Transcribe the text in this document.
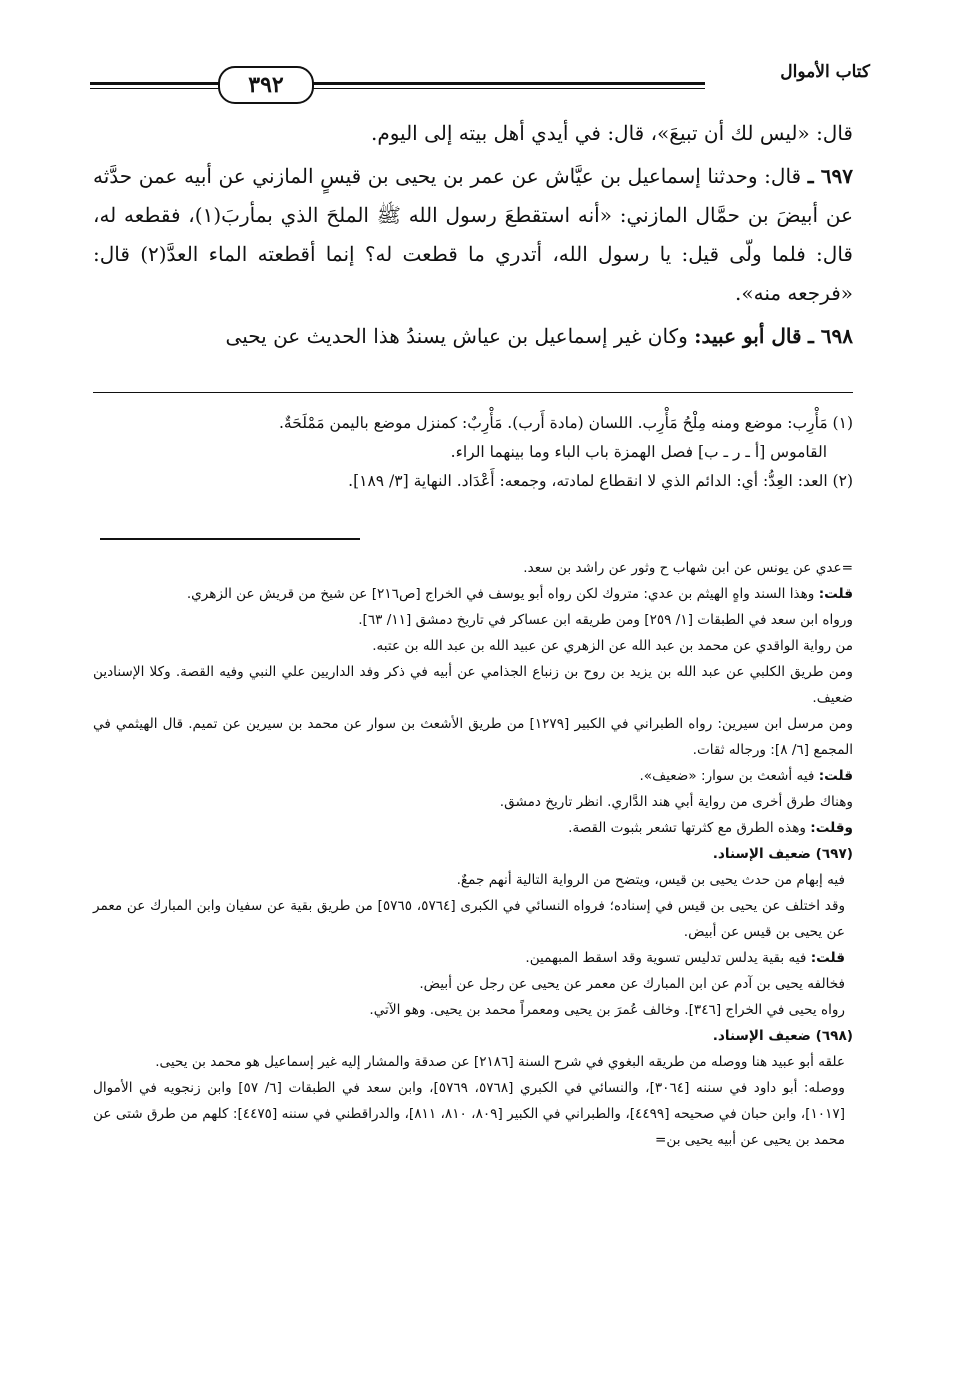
كتاب الأموال
٣٩٢

قال: «ليس لك أن تبيعَ»، قال: في أيدي أهل بيته إلى اليوم.

٦٩٧ ـ قال: وحدثنا إسماعيل بن عيَّاش عن عمر بن يحيى بن قيسٍ المازني عن أبيه عمن حدَّثه عن أبيضَ بن حمَّال المازني: «أنه استقطعَ رسول الله ﷺ الملحَ الذي بمأربَ(١)، فقطعه له، قال: فلما ولّى قيل: يا رسول الله، أتدري ما قطعت له؟ إنما أقطعته الماء العدَّ(٢) قال: «فرجعه منه».

٦٩٨ ـ قال أبو عبيد: وكان غير إسماعيل بن عياش يسندُ هذا الحديث عن يحيى

(١) مَأْرِب: موضع ومنه مِلْحُ مَأْرِب. اللسان (مادة أَرب). مَأْرِبٌ: كمنزل موضع باليمن مَمْلَحَةٌ.

القاموس [أ ـ ر ـ ب] فصل الهمزة باب الباء وما بينهما الراء.

(٢) العد: العِدُّ: أي: الدائم الذي لا انقطاع لمادته، وجمعه: أَعْدَاد. النهاية [٣/ ١٨٩].

=عدي عن يونس عن ابن شهاب ح وثور عن راشد بن سعد.

قلت: وهذا السند واهٍ الهيثم بن عدي: متروك لكن رواه أبو يوسف في الخراج [ص٢١٦] عن شيخ من قريش عن الزهري.

ورواه ابن سعد في الطبقات [١/ ٢٥٩] ومن طريقه ابن عساكر في تاريخ دمشق [١١/ ٦٣].

من رواية الواقدي عن محمد بن عبد الله عن الزهري عن عبيد الله بن عبد الله بن عتبه.

ومن طريق الكلبي عن عبد الله بن يزيد بن روح بن زنباع الجذامي عن أبيه في ذكر وفد الداريين علي النبي وفيه القصة. وكلا الإسنادين ضعيف.

ومن مرسل ابن سيرين: رواه الطبراني في الكبير [١٢٧٩] من طريق الأشعث بن سوار عن محمد بن سيرين عن تميم. قال الهيثمي في المجمع [٦/ ٨]: ورجاله ثقات.

قلت: فيه أشعث بن سوار: «ضعيف».

وهناك طرق أخرى من رواية أبي هند الدَّاري. انظر تاريخ دمشق.

وقلت: وهذه الطرق مع كثرتها تشعر بثبوت القصة.

(٦٩٧) ضعيف الإسناد.

فيه إبهام من حدث يحيى بن قيس، ويتضح من الرواية التالية أنهم جمعٌ.

وقد اختلف عن يحيى بن قيس في إسناده؛ فرواه النسائي في الكبرى [٥٧٦٤، ٥٧٦٥] من طريق بقية عن سفيان وابن المبارك عن معمر عن يحيى بن قيس عن أبيض.

قلت: فيه بقية يدلس تدليس تسوية وقد اسقط المبهمين.

فخالفه يحيى بن آدم عن ابن المبارك عن معمر عن يحيى عن رجل عن أبيض.

رواه يحيى في الخراج [٣٤٦]. وخالف عُمرَ بن يحيى ومعمراً محمد بن يحيى. وهو الآتي.

(٦٩٨) ضعيف الإسناد.

علقه أبو عبيد هنا ووصله من طريقه البغوي في شرح السنة [٢١٨٦] عن صدقة والمشار إليه غير إسماعيل هو محمد بن يحيى.

ووصله: أبو داود في سننه [٣٠٦٤]، والنسائي في الكبري [٥٧٦٨، ٥٧٦٩]، وابن سعد في الطبقات [٦/ ٥٧] وابن زنجويه في الأموال [١٠١٧]، وابن حبان في صحيحه [٤٤٩٩]، والطبراني في الكبير [٨٠٩، ٨١٠، ٨١١]، والدراقطني في سننه [٤٤٧٥]: كلهم من طرق شتى عن محمد بن يحيى عن أبيه يحيى بن=
